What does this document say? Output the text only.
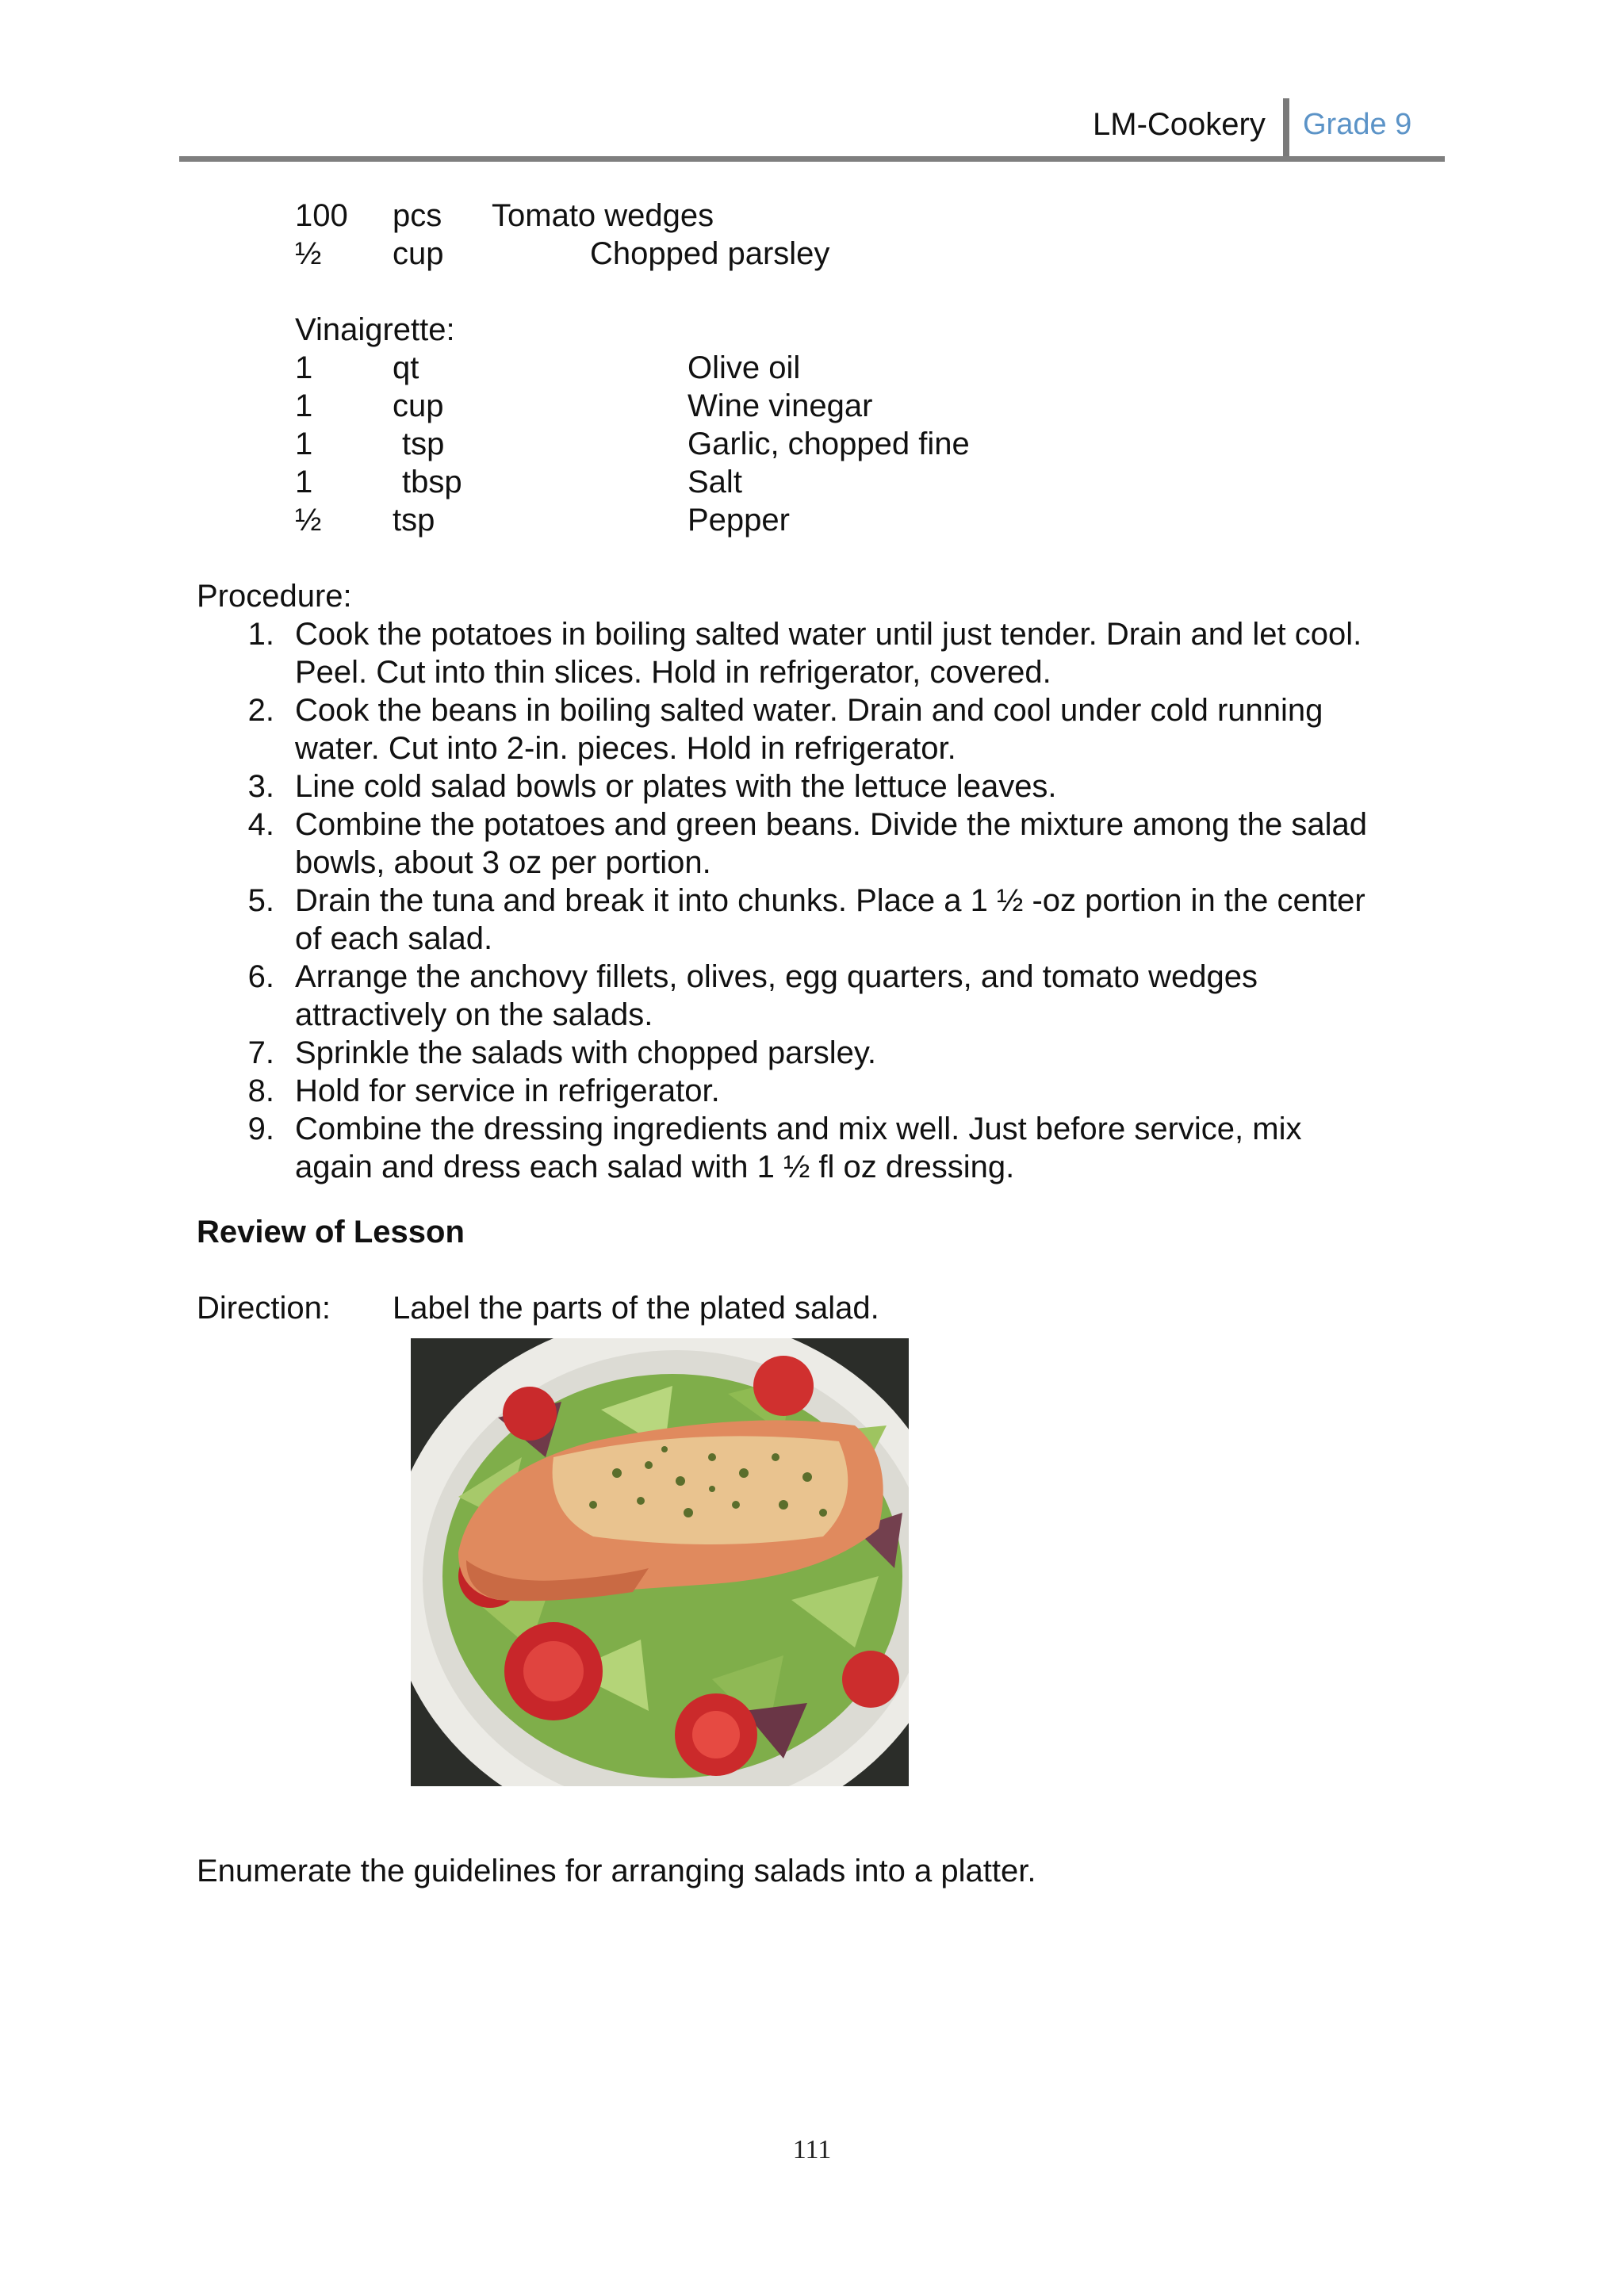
LM-Cookery Grade 9
100 pcs Tomato wedges
½ cup	Chopped parsley
Vinaigrette:
1	qt	Olive oil
1	cup	Wine vinegar
1	tsp	Garlic, chopped fine
1	tbsp	Salt
½ tsp	Pepper
Procedure:
1. Cook the potatoes in boiling salted water until just tender. Drain and let cool.
Peel. Cut into thin slices. Hold in refrigerator, covered.
2. Cook the beans in boiling salted water. Drain and cool under cold running
water. Cut into 2-in. pieces. Hold in refrigerator.
3. Line cold salad bowls or plates with the lettuce leaves.
4. Combine the potatoes and green beans. Divide the mixture among the salad
bowls, about 3 oz per portion.
5. Drain the tuna and break it into chunks. Place a 1 ½ -oz portion in the center
of each salad.
6. Arrange the anchovy fillets, olives, egg quarters, and tomato wedges
attractively on the salads.
7. Sprinkle the salads with chopped parsley.
8. Hold for service in refrigerator.
9. Combine the dressing ingredients and mix well. Just before service, mix
again and dress each salad with 1 ½ fl oz dressing.
Review of Lesson
Direction: Label the parts of the plated salad.
Enumerate the guidelines for arranging salads into a platter.
111
